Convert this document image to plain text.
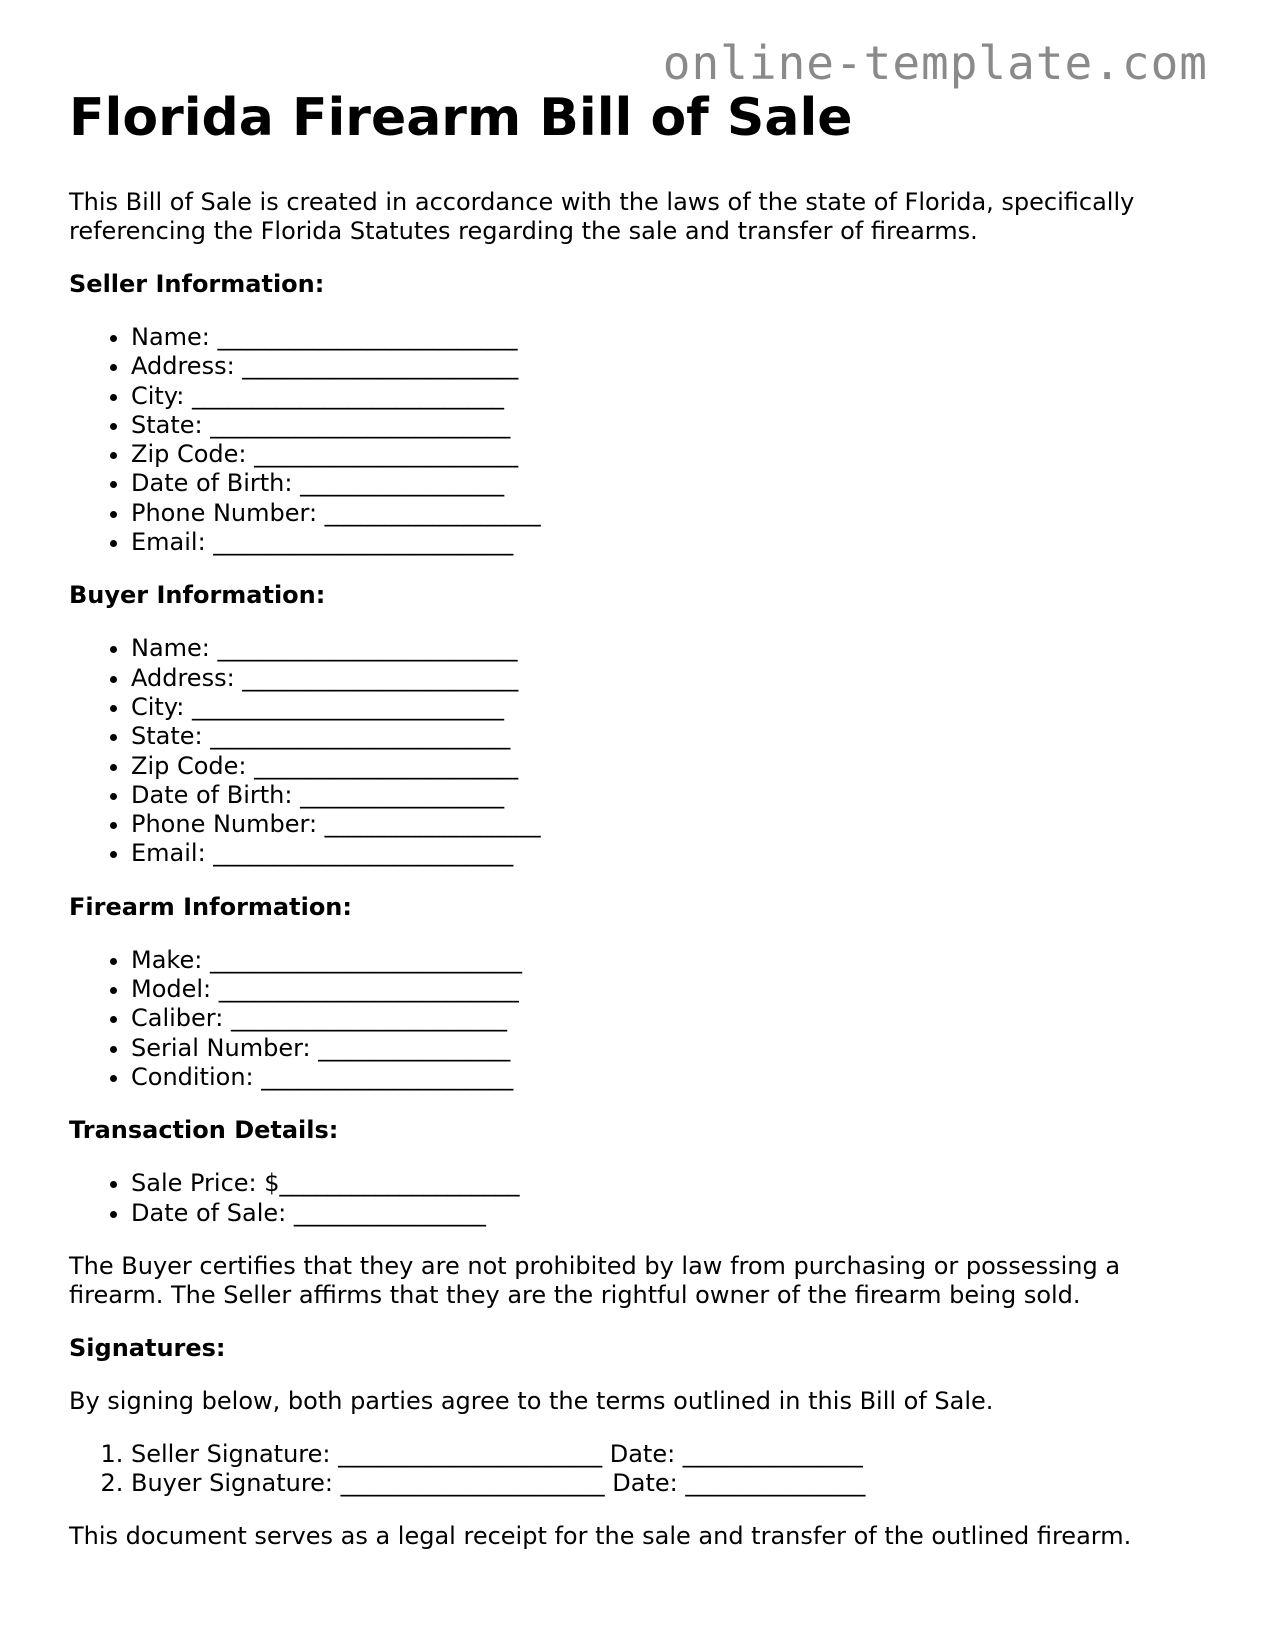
online-template.com
Florida Firearm Bill of Sale

This Bill of Sale is created in accordance with the laws of the state of Florida, specifically referencing the Florida Statutes regarding the sale and transfer of firearms.

Seller Information:
• Name: _________________________
• Address: _______________________
• City: __________________________
• State: _________________________
• Zip Code: ______________________
• Date of Birth: _________________
• Phone Number: __________________
• Email: _________________________
Buyer Information:
• Name: _________________________
• Address: _______________________
• City: __________________________
• State: _________________________
• Zip Code: ______________________
• Date of Birth: _________________
• Phone Number: __________________
• Email: _________________________
Firearm Information:
• Make: __________________________
• Model: _________________________
• Caliber: _______________________
• Serial Number: ________________
• Condition: _____________________
Transaction Details:
• Sale Price: $____________________
• Date of Sale: ________________

The Buyer certifies that they are not prohibited by law from purchasing or possessing a firearm. The Seller affirms that they are the rightful owner of the firearm being sold.

Signatures:

By signing below, both parties agree to the terms outlined in this Bill of Sale.

1. Seller Signature: ______________________ Date: _______________
2. Buyer Signature: ______________________ Date: _______________

This document serves as a legal receipt for the sale and transfer of the outlined firearm.
